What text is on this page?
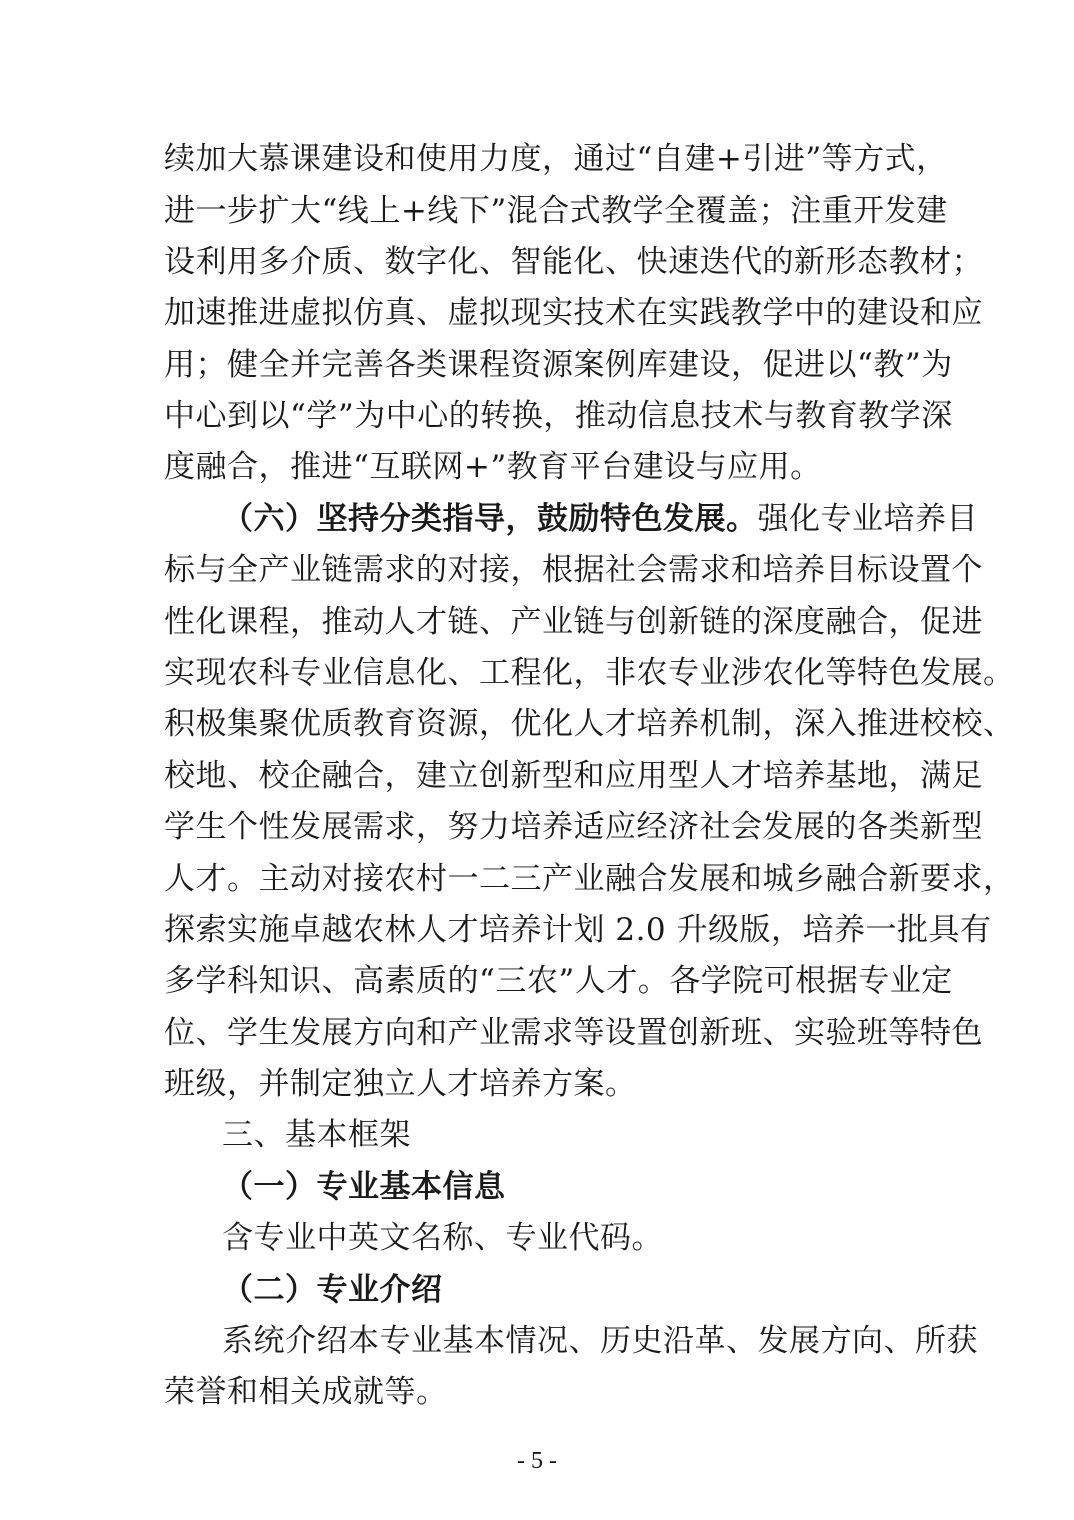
续加大慕课建设和使用力度，通过“自建+引进”等方式，
进一步扩大“线上+线下”混合式教学全覆盖；注重开发建
设利用多介质、数字化、智能化、快速迭代的新形态教材；
加速推进虚拟仿真、虚拟现实技术在实践教学中的建设和应
用；健全并完善各类课程资源案例库建设，促进以“教”为
中心到以“学”为中心的转换，推动信息技术与教育教学深
度融合，推进“互联网+”教育平台建设与应用。
（六）坚持分类指导，鼓励特色发展。强化专业培养目
标与全产业链需求的对接，根据社会需求和培养目标设置个
性化课程，推动人才链、产业链与创新链的深度融合，促进
实现农科专业信息化、工程化，非农专业涉农化等特色发展。
积极集聚优质教育资源，优化人才培养机制，深入推进校校、
校地、校企融合，建立创新型和应用型人才培养基地，满足
学生个性发展需求，努力培养适应经济社会发展的各类新型
人才。主动对接农村一二三产业融合发展和城乡融合新要求，
探索实施卓越农林人才培养计划 2.0 升级版，培养一批具有
多学科知识、高素质的“三农”人才。各学院可根据专业定
位、学生发展方向和产业需求等设置创新班、实验班等特色
班级，并制定独立人才培养方案。
三、基本框架
（一）专业基本信息
含专业中英文名称、专业代码。
（二）专业介绍
系统介绍本专业基本情况、历史沿革、发展方向、所获
荣誉和相关成就等。
- 5 -
